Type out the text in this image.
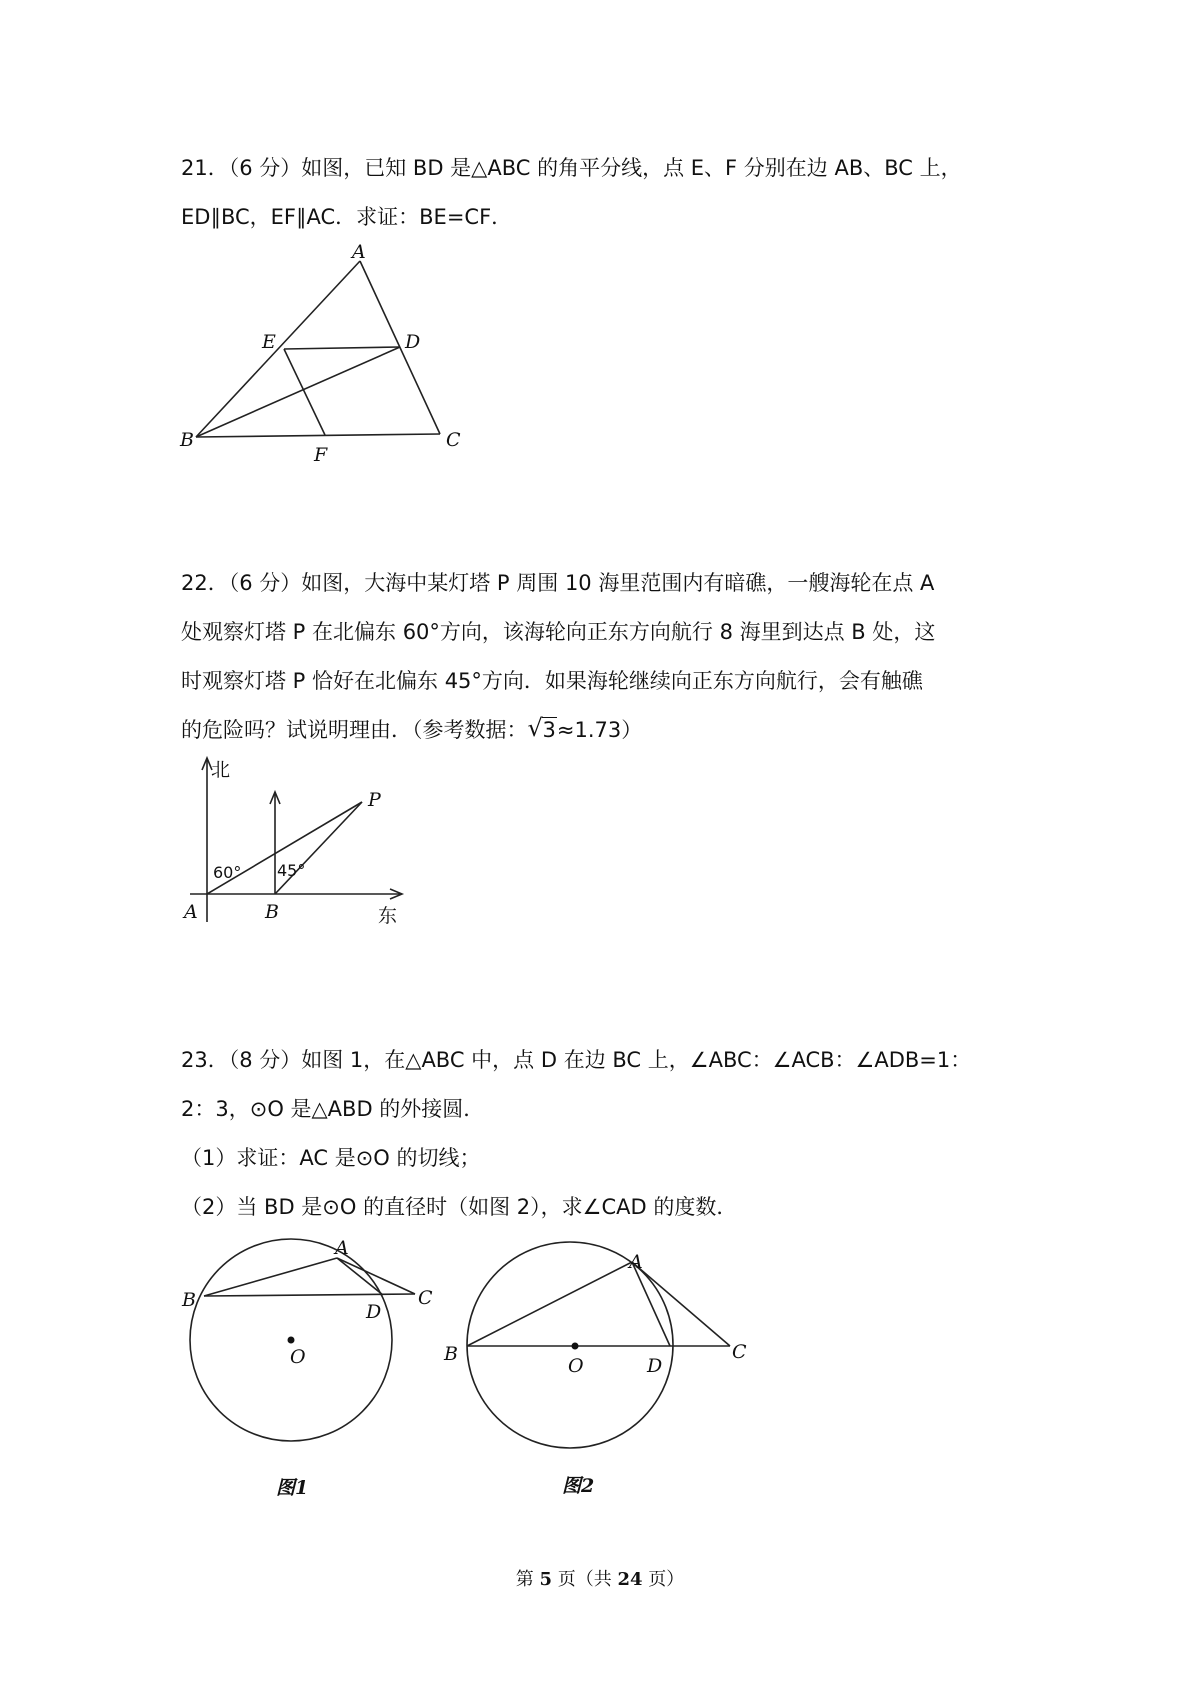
21．（6 分）如图，已知 BD 是△ABC 的角平分线，点 E、F 分别在边 AB、BC 上，
ED∥BC，EF∥AC．求证：BE=CF．
A
E	D
B
F
C
22．（6 分）如图，大海中某灯塔 P 周围 10 海里范围内有暗礁，一艘海轮在点 A
处观察灯塔 P 在北偏东 60°方向，该海轮向正东方向航行 8 海里到达点 B 处，这
时观察灯塔 P 恰好在北偏东 45°方向．如果海轮继续向正东方向航行，会有触礁
的危险吗？试说明理由．（参考数据： √ 3≈1.73）
北
P
60° 45°
A	B	东
23．（8 分）如图 1，在△ABC 中，点 D 在边 BC 上，∠ABC：∠ACB：∠ADB=1：
2：3，⊙O 是△ABD 的外接圆．
（1）求证：AC 是⊙O 的切线；
（2）当 BD 是⊙O 的直径时（如图 2），求∠CAD 的度数．
A
B	C
D
O
图1
A
B	C
D
O
图2
第 5 页（共 24 页）
